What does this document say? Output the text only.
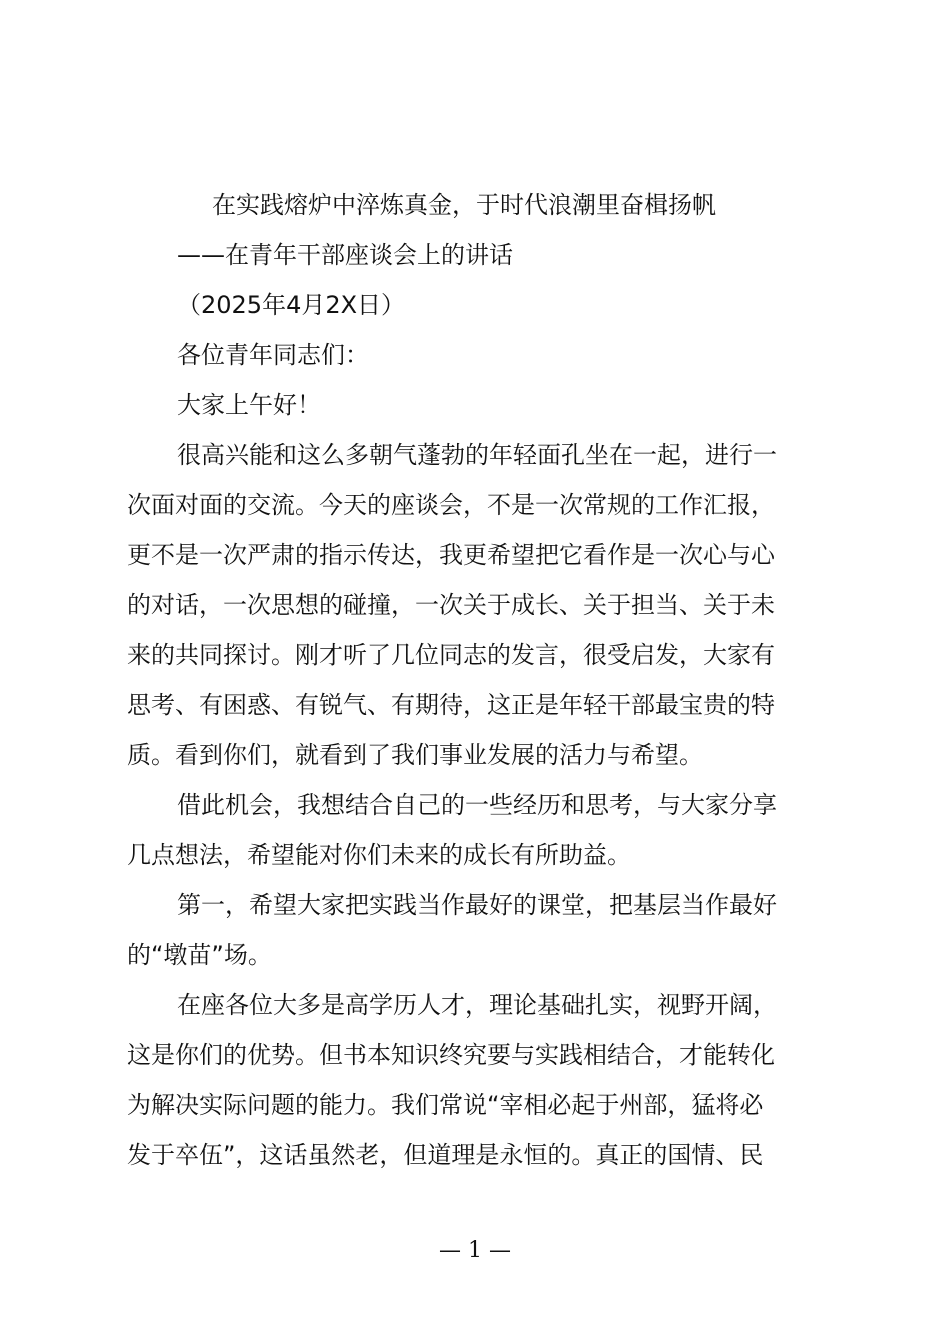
在实践熔炉中淬炼真金，于时代浪潮里奋楫扬帆
——在青年干部座谈会上的讲话
（2025年4月2X日）
各位青年同志们：
大家上午好！
很高兴能和这么多朝气蓬勃的年轻面孔坐在一起，进行一
次面对面的交流。今天的座谈会，不是一次常规的工作汇报，
更不是一次严肃的指示传达，我更希望把它看作是一次心与心
的对话，一次思想的碰撞，一次关于成长、关于担当、关于未
来的共同探讨。刚才听了几位同志的发言，很受启发，大家有
思考、有困惑、有锐气、有期待，这正是年轻干部最宝贵的特
质。看到你们，就看到了我们事业发展的活力与希望。
借此机会，我想结合自己的一些经历和思考，与大家分享
几点想法，希望能对你们未来的成长有所助益。
第一，希望大家把实践当作最好的课堂，把基层当作最好
的“墩苗”场。
在座各位大多是高学历人才，理论基础扎实，视野开阔，
这是你们的优势。但书本知识终究要与实践相结合，才能转化
为解决实际问题的能力。我们常说“宰相必起于州部，猛将必
发于卒伍”，这话虽然老，但道理是永恒的。真正的国情、民
— 1 —
